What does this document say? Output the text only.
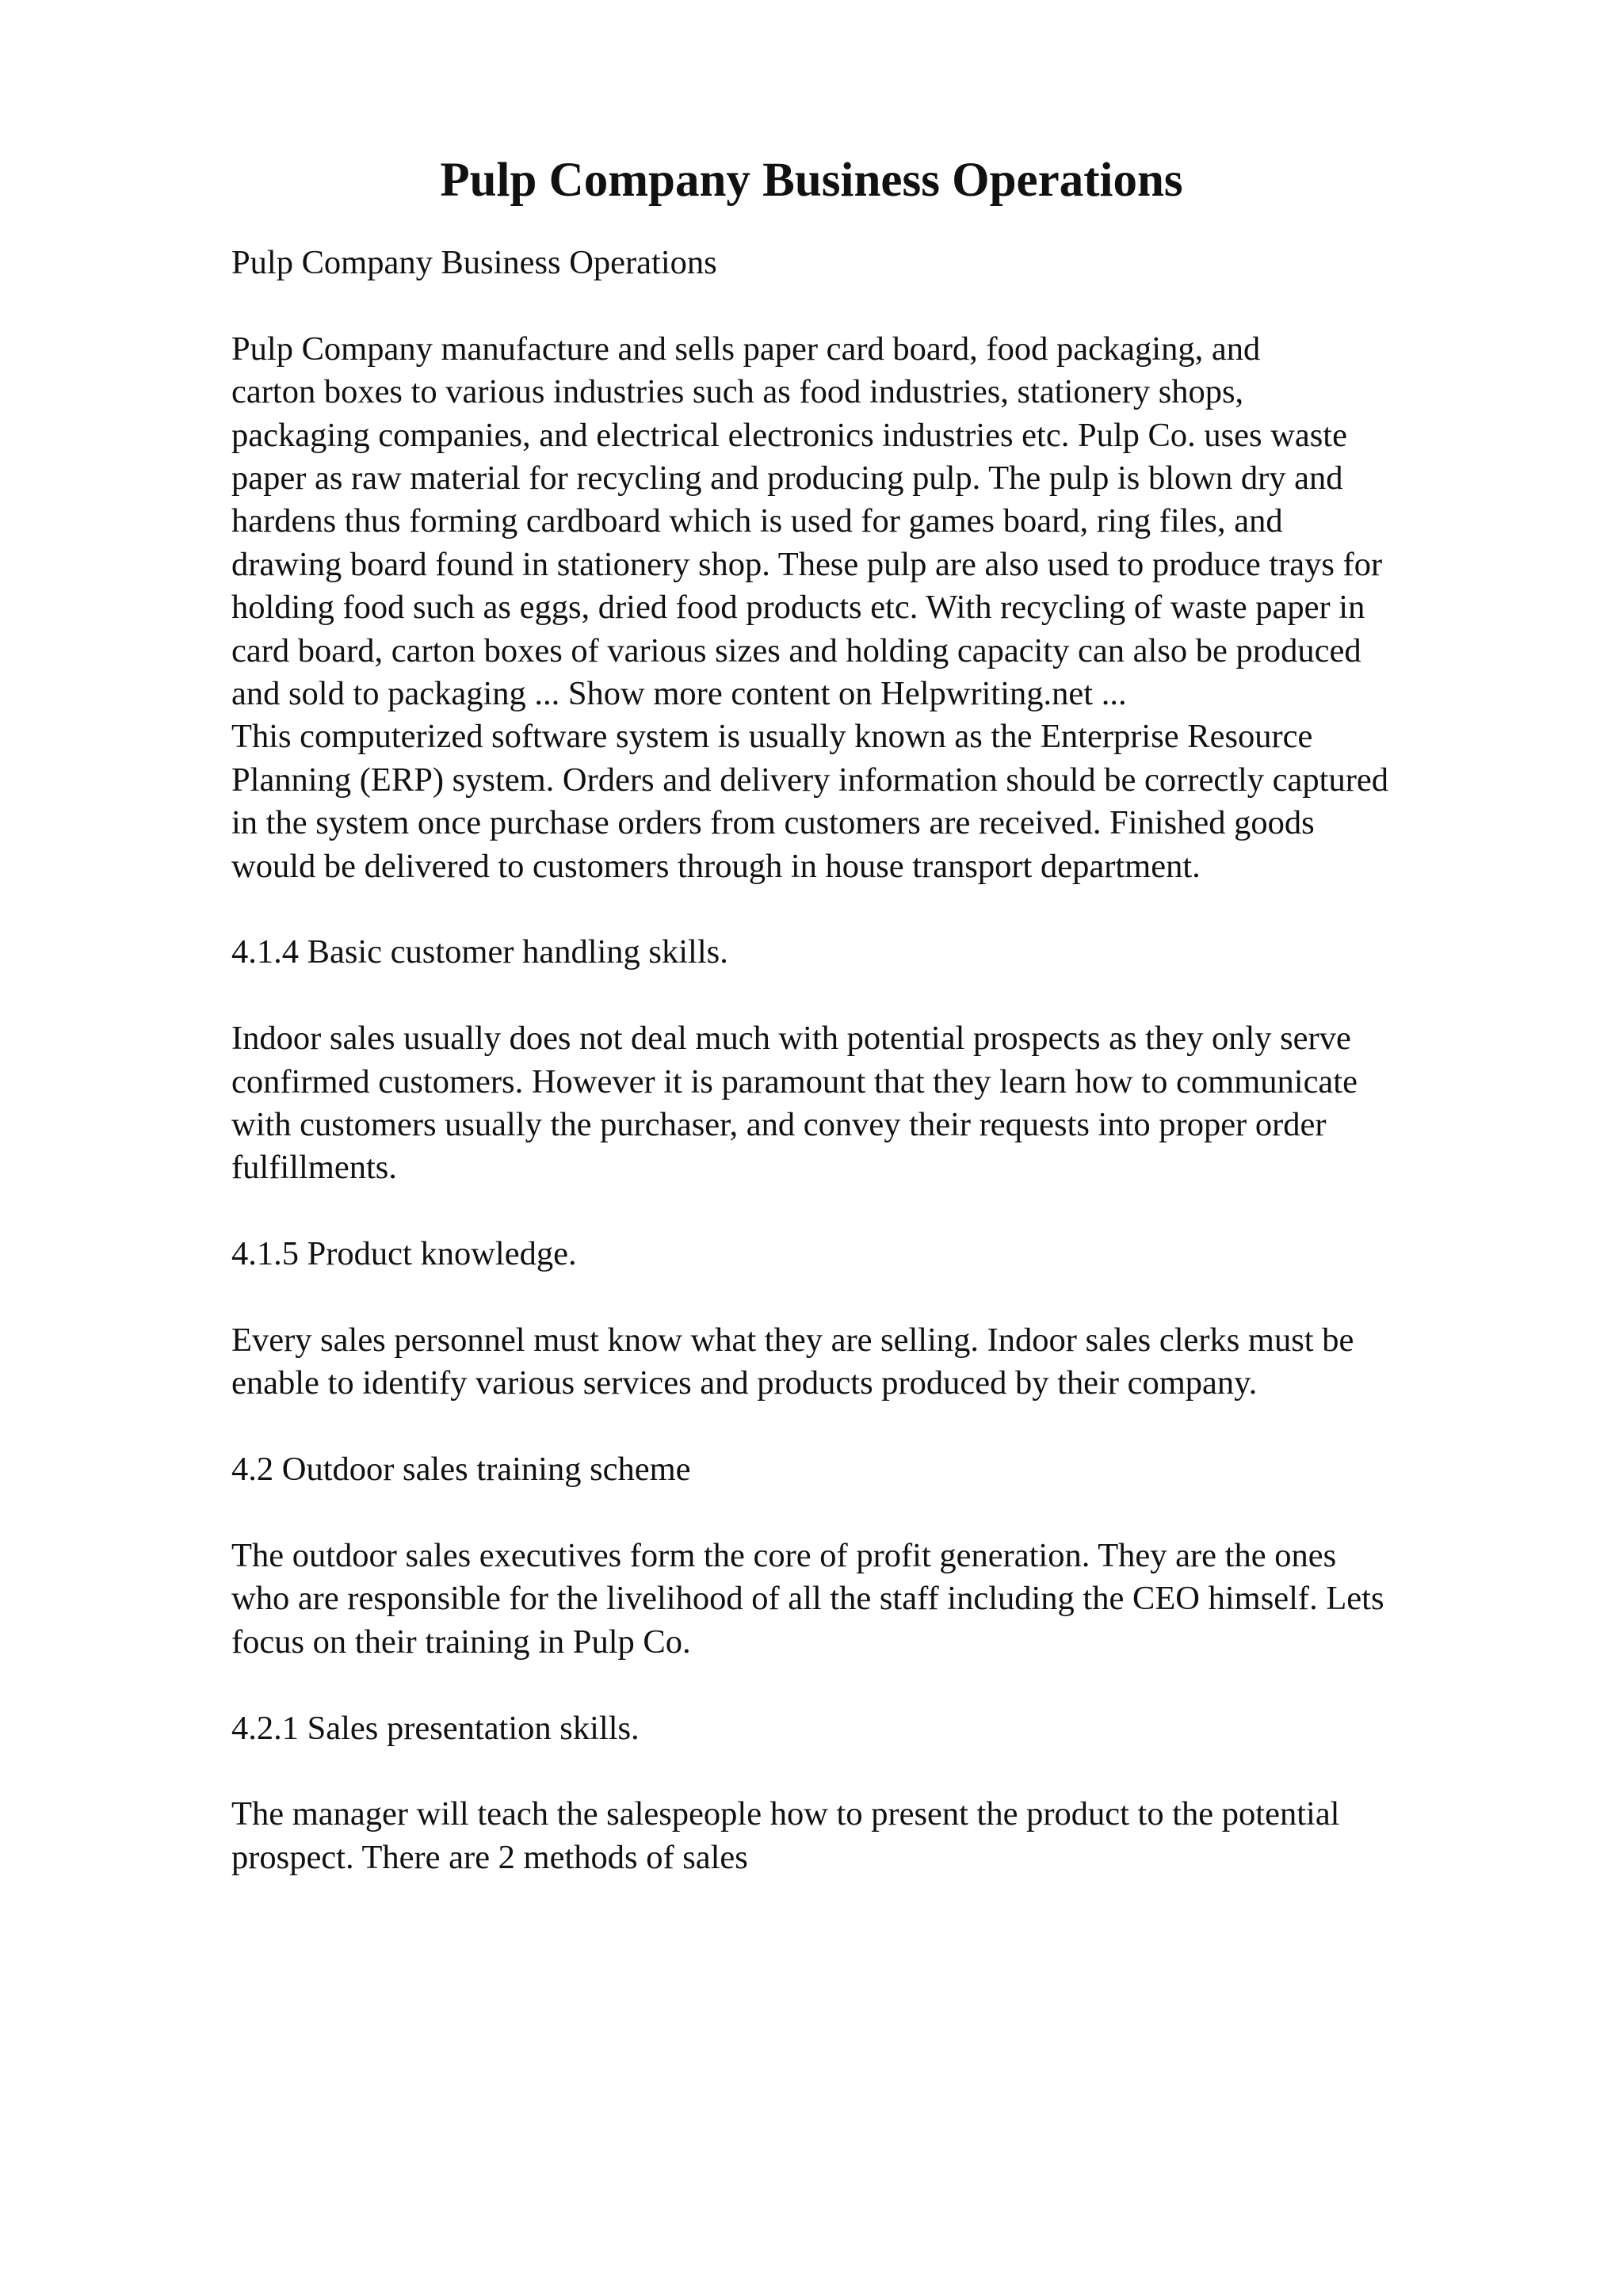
Pulp Company Business Operations

Pulp Company Business Operations

Pulp Company manufacture and sells paper card board, food packaging, and
carton boxes to various industries such as food industries, stationery shops,
packaging companies, and electrical electronics industries etc. Pulp Co. uses waste
paper as raw material for recycling and producing pulp. The pulp is blown dry and
hardens thus forming cardboard which is used for games board, ring files, and
drawing board found in stationery shop. These pulp are also used to produce trays for
holding food such as eggs, dried food products etc. With recycling of waste paper in
card board, carton boxes of various sizes and holding capacity can also be produced
and sold to packaging ... Show more content on Helpwriting.net ...
This computerized software system is usually known as the Enterprise Resource
Planning (ERP) system. Orders and delivery information should be correctly captured
in the system once purchase orders from customers are received. Finished goods
would be delivered to customers through in house transport department.

4.1.4 Basic customer handling skills.

Indoor sales usually does not deal much with potential prospects as they only serve
confirmed customers. However it is paramount that they learn how to communicate
with customers usually the purchaser, and convey their requests into proper order
fulfillments.

4.1.5 Product knowledge.

Every sales personnel must know what they are selling. Indoor sales clerks must be
enable to identify various services and products produced by their company.

4.2 Outdoor sales training scheme

The outdoor sales executives form the core of profit generation. They are the ones
who are responsible for the livelihood of all the staff including the CEO himself. Lets
focus on their training in Pulp Co.

4.2.1 Sales presentation skills.

The manager will teach the salespeople how to present the product to the potential
prospect. There are 2 methods of sales
